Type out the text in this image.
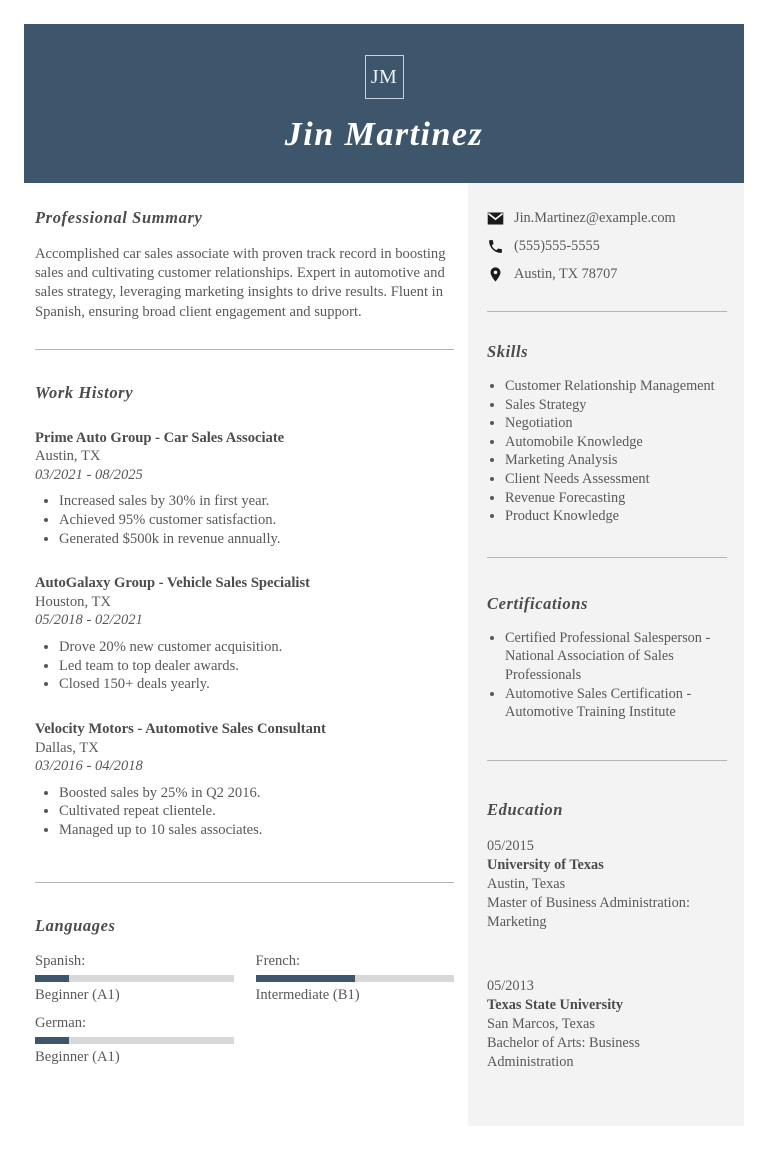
JM
Jin Martinez
Professional Summary

Accomplished car sales associate with proven track record in boosting sales and cultivating customer relationships. Expert in automotive and sales strategy, leveraging marketing insights to drive results. Fluent in Spanish, ensuring broad client engagement and support.

Work History
Prime Auto Group - Car Sales Associate
Austin, TX
03/2021 - 08/2025
• Increased sales by 30% in first year.
• Achieved 95% customer satisfaction.
• Generated $500k in revenue annually.
AutoGalaxy Group - Vehicle Sales Specialist
Houston, TX
05/2018 - 02/2021
• Drove 20% new customer acquisition.
• Led team to top dealer awards.
• Closed 150+ deals yearly.
Velocity Motors - Automotive Sales Consultant
Dallas, TX
03/2016 - 04/2018
• Boosted sales by 25% in Q2 2016.
• Cultivated repeat clientele.
• Managed up to 10 sales associates.
Languages
Spanish:
Beginner (A1)
French:
Intermediate (B1)
German:
Beginner (A1)
Jin.Martinez@example.com
(555)555-5555
Austin, TX 78707
Skills
• Customer Relationship Management
• Sales Strategy
• Negotiation
• Automobile Knowledge
• Marketing Analysis
• Client Needs Assessment
• Revenue Forecasting
• Product Knowledge
Certifications
• Certified Professional Salesperson - National Association of Sales Professionals
• Automotive Sales Certification - Automotive Training Institute
Education
05/2015
University of Texas
Austin, Texas
Master of Business Administration: Marketing
05/2013
Texas State University
San Marcos, Texas
Bachelor of Arts: Business Administration
